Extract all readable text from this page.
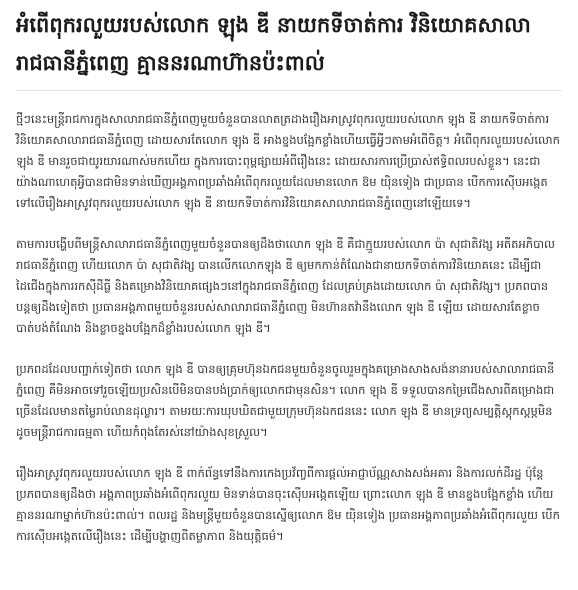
អំពើពុករលួយរបស់លោក ឡុង ឌី នាយកទីចាត់ការ វិនិយោគសាលារាជធានីភ្នំពេញ គ្មាននរណាហ៊ានប៉ះពាល់

ថ្មីៗនេះមន្ត្រីរាជការក្នុងសាលារាជធានីភ្នំពេញមួយចំនួនបានលាតត្រដាងរឿងអាស្រូវពុករលួយរបស់លោក ឡុង ឌី នាយកទីចាត់ការវិនិយោគសាលារាជធានីភ្នំពេញ ដោយសារតែលោក ឡុង ឌី អាងខ្នងបង្អែកខ្លាំងហើយធ្វើអ្វីៗតាមអំពើចិត្ត។ អំពើពុករលួយរបស់លោក ឡុង ឌី មានរួចជាយូរយារណាស់មកហើយ ក្នុងការបោះពុម្ពផ្សាយអំពីរឿងនេះ ដោយសារការប្រើប្រាស់ឥទ្ធិពលរបស់ខ្លួន។ នេះជាយ៉ាងណាហេតុអ្វីបានជាមិនទាន់ឃើញអង្គភាពប្រឆាំងអំពើពុករលួយដែលមានលោក ឱម យ៉ិនទៀង ជាប្រធាន បើកការស៊ើបអង្កេតទៅលើរឿងអាស្រូវពុករលួយរបស់លោក ឡុង ឌី នាយកទីចាត់ការវិនិយោគសាលារាជធានីភ្នំពេញនៅឡើយទេ។

តាមការបង្ហើបពីមន្ត្រីសាលារាជធានីភ្នំពេញមួយចំនួនបានឲ្យដឹងថាលោក ឡុង ឌី គឺជាក្មួយរបស់លោក ប៉ា សុជាតិវង្ស អតីតអភិបាលរាជធានីភ្នំពេញ ហើយលោក ប៉ា សុជាតិវង្ស បានលើកលោកឡុង ឌី ឲ្យមកកាន់តំណែងជានាយកទីចាត់ការវិនិយោគនេះ ដើម្បីជាដៃជើងក្នុងការរកស៊ីដីធ្លី និងគម្រោងវិនិយោគផ្សេងៗនៅក្នុងរាជធានីភ្នំពេញ ដែលគ្រប់គ្រងដោយលោក ប៉ា សុជាតិវង្ស។ ប្រភពបានបន្តឲ្យដឹងទៀតថា ប្រធានអង្គភាពមួយចំនួនរបស់សាលារាជធានីភ្នំពេញ មិនហ៊ានតវ៉ានឹងលោក ឡុង ឌី ឡើយ ដោយសារតែខ្លាចបាត់បង់តំណែង និងខ្លាចខ្នងបង្អែកដ៏ខ្លាំងរបស់លោក ឡុង ឌី។

ប្រភពដដែលបញ្ជាក់ទៀតថា លោក ឡុង ឌី បានឲ្យគ្រុមហ៊ុនឯកជនមួយចំនួនចូលរួមក្នុងគម្រោងសាងសង់នានារបស់សាលារាជធានីភ្នំពេញ គឺមិនអាចទៅរួចឡើយប្រសិនបើមិនបានបង់ប្រាក់ឲ្យលោកជាមុនសិន។ លោក ឡុង ឌី ទទួលបានកម្រៃជើងសារពីគម្រោងជាច្រើនដែលមានតម្លៃរាប់លានដុល្លារ។ តាមរយៈការឃុបឃិតជាមួយក្រុមហ៊ុនឯកជននេះ លោក ឡុង ឌី មានទ្រព្យសម្បត្តិស្តុកស្តម្ភមិនដូចមន្ត្រីរាជការធម្មតា ហើយកំពុងតែរស់នៅយ៉ាងសុខស្រួល។

រឿងអាស្រូវពុករលួយរបស់លោក ឡុង ឌី ពាក់ព័ន្ធទៅនឹងការកេងប្រវ័ញ្ចពីការផ្ដល់អាជ្ញាប័ណ្ណសាងសង់អគារ និងការលក់ដីរដ្ឋ ប៉ុន្តែប្រភពបានឲ្យដឹងថា អង្គភាពប្រឆាំងអំពើពុករលួយ មិនទាន់បានចុះស៊ើបអង្កេតឡើយ ព្រោះលោក ឡុង ឌី មានខ្នងបង្អែកខ្លាំង ហើយគ្មាននរណាម្នាក់ហ៊ានប៉ះពាល់។ ពលរដ្ឋ និងមន្ត្រីមួយចំនួនបានស្នើឲ្យលោក ឱម យ៉ិនទៀង ប្រធានអង្គភាពប្រឆាំងអំពើពុករលួយ បើកការស៊ើបអង្កេតលើរឿងនេះ ដើម្បីបង្ហាញពីតម្លាភាព និងយុត្តិធម៌។
